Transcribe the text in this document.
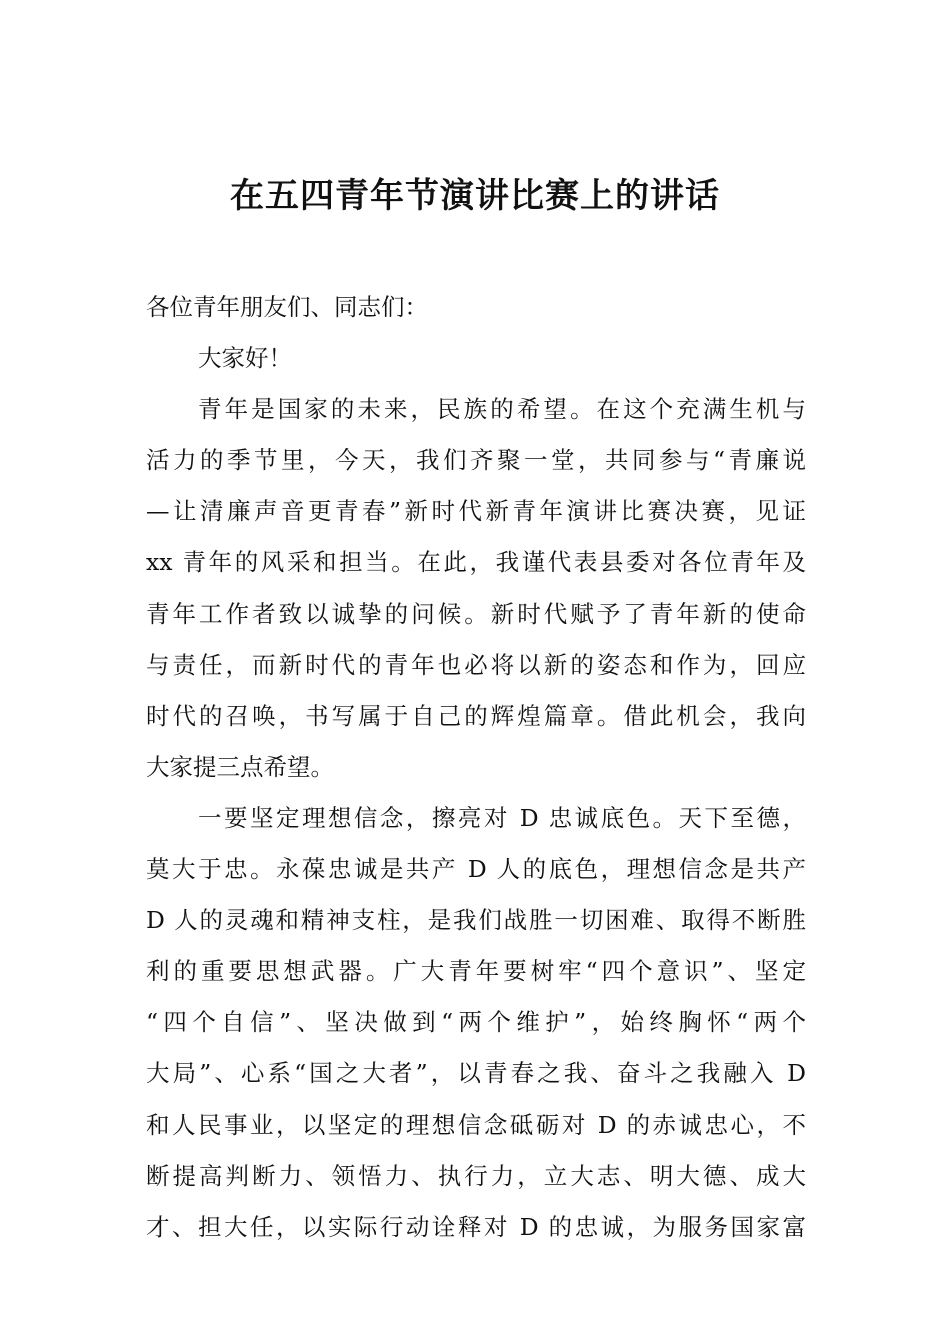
在五四青年节演讲比赛上的讲话
各位青年朋友们、同志们：
大家好！
青年是国家的未来，民族的希望。在这个充满生机与
活力的季节里，今天，我们齐聚一堂，共同参与“青廉说
—让清廉声音更青春”新时代新青年演讲比赛决赛，见证
xx 青年的风采和担当。在此，我谨代表县委对各位青年及
青年工作者致以诚挚的问候。新时代赋予了青年新的使命
与责任，而新时代的青年也必将以新的姿态和作为，回应
时代的召唤，书写属于自己的辉煌篇章。借此机会，我向
大家提三点希望。
一要坚定理想信念，擦亮对 D 忠诚底色。天下至德，
莫大于忠。永葆忠诚是共产 D 人的底色，理想信念是共产
D 人的灵魂和精神支柱，是我们战胜一切困难、取得不断胜
利的重要思想武器。广大青年要树牢“四个意识”、坚定
“四个自信”、坚决做到“两个维护”，始终胸怀“两个
大局”、心系“国之大者”，以青春之我、奋斗之我融入 D
和人民事业，以坚定的理想信念砥砺对 D 的赤诚忠心，不
断提高判断力、领悟力、执行力，立大志、明大德、成大
才、担大任，以实际行动诠释对 D 的忠诚，为服务国家富
